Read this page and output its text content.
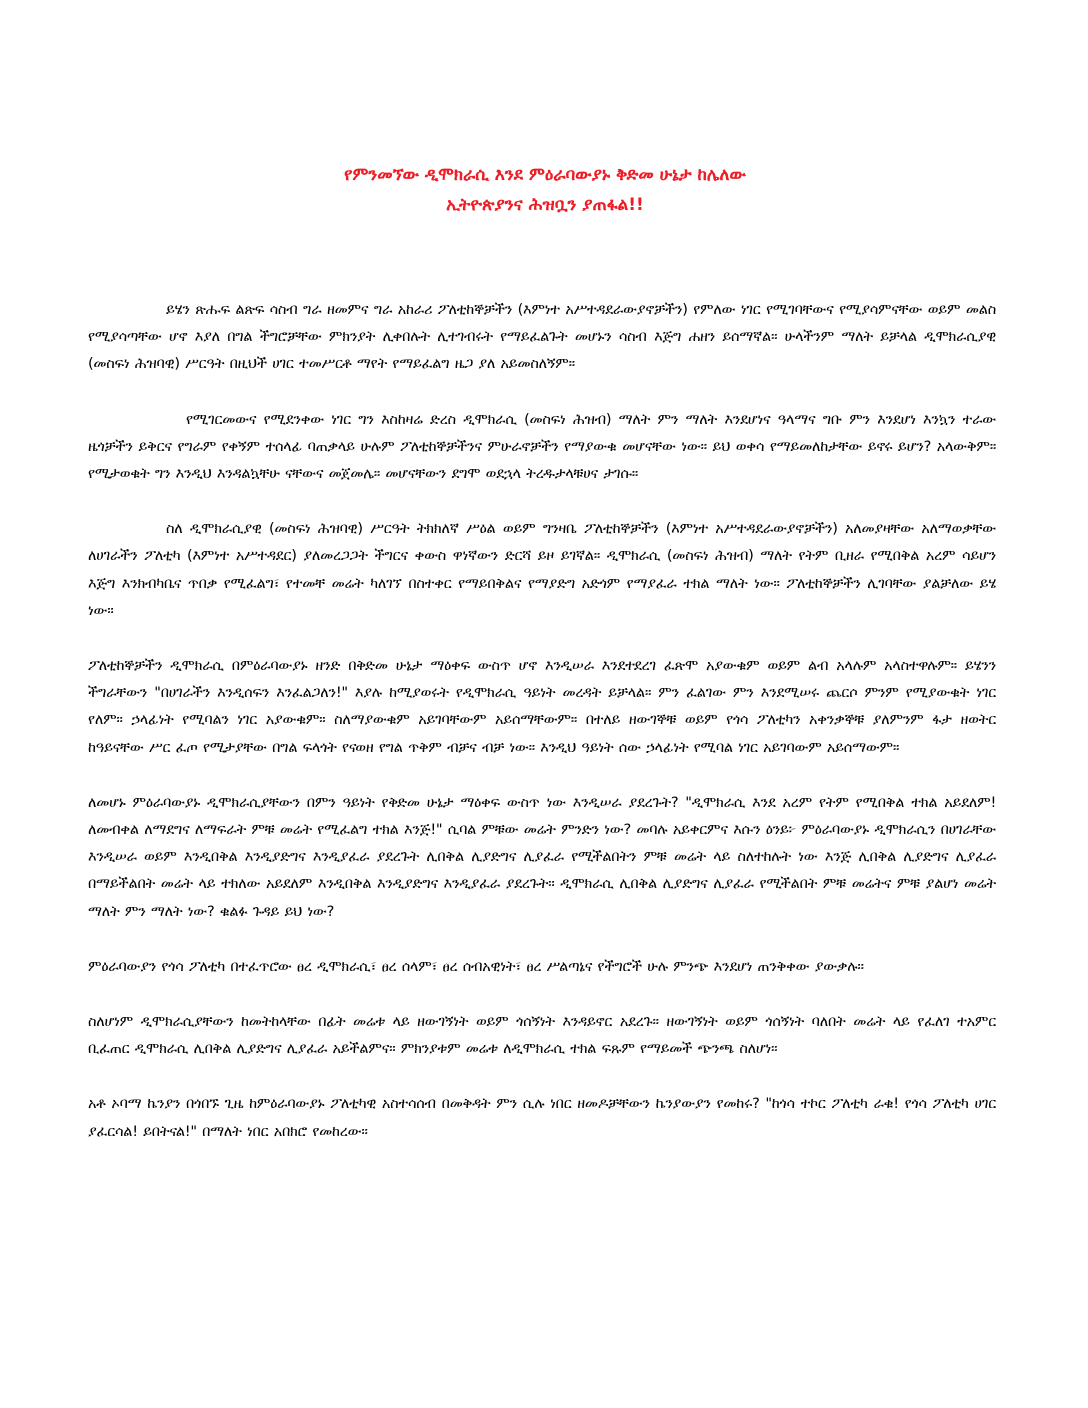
የምንመኘው ዲሞክራሲ እንደ ምዕራባውያኑ ቅድመ ሁኔታ ከሌለው
ኢትዮጵያንና ሕዝቧን ያጠፋል!!

ይሄን ጽሑፍ ልጽፍ ሳስብ ግራ ዘመምና ግራ አከራሪ ፖለቲከኞቻችን (እምነተ አሥተዳደራውያኖቻችን) የምለው ነገር የሚገባቸውና የሚያሳምናቸው ወይም መልስ የሚያሳጣቸው ሆኖ እያለ በግል ችግሮቻቸው ምክንያት ሊቀበሉት ሊተገብሩት የማይፈልጉት መሆኑን ሳስብ እጅግ ሐዘን ይሰማኛል፡፡ ሁላችንም ማለት ይቻላል ዲሞክራሲያዊ (መስፍነ ሕዝባዊ) ሥርዓት በዚህች ሀገር ተመሥርቶ ማየት የማይፈልግ ዜጋ ያለ አይመስለኝም፡፡

የሚገርመውና የሚደንቀው ነገር ግን እስከዛሬ ድረስ ዲሞክራሲ (መስፍነ ሕዝብ) ማለት ምን ማለት እንደሆነና ዓላማና ግቡ ምን እንደሆነ እንኳን ተራው ዜጎቻችን ይቅርና የግራም የቀኝም ተሰላፊ ባጠቃላይ ሁሉም ፖለቲከኞቻችንና ምሁራኖቻችን የማያውቁ መሆናቸው ነው፡፡ ይህ ወቀሳ የማይመለከታቸው ይኖሩ ይሆን? አላውቅም፡፡ የሚታወቁት ግን እንዲህ እንዳልኳቸሁ ናቸውና መጀመሌ፡፡ መሆናቸውን ደግሞ ወደኋላ ትረዱታላቹሀና ታገሱ፡፡

ስለ ዲሞክራሲያዊ (መስፍነ ሕዝባዊ) ሥርዓት ትክክለኛ ሥዕል ወይም ግንዛቤ ፖለቲከኞቻችን (እምነተ አሥተዳደራውያኖቻችን) አለመያዛቸው አለማወቃቸው ለሀገራችን ፖለቲካ (እምነተ አሥተዳደር) ያለመረጋጋት ችግርና ቀውስ ዋነኛውን ድርሻ ይዞ ይገኛል፡፡ ዲሞክራሲ (መስፍነ ሕዝብ) ማለት የትም ቢዘራ የሚበቅል አረም ሳይሆን እጅግ እንክብካቤና ጥበቃ የሚፈልግ፣ የተመቸ መሬት ካለገኘ በስተቀር የማይበቅልና የማያድግ አድጎም የማያፈራ ተክል ማለት ነው፡፡ ፖለቲከኞቻችን ሊገባቸው ያልቻለው ይሄ ነው፡፡

ፖለቲከኞቻችን ዲሞክራሲ በምዕራባውያኑ ዘንድ በቅድመ ሁኔታ ማዕቀፍ ውስጥ ሆኖ እንዲሠራ እንደተደረገ ፈጽሞ አያውቁም ወይም ልብ አላሉም አላስተዋሉም፡፡ ይሄንን ችግራቸውን "በሀገራችን እንዲሰፍን እንፈልጋለን!" እያሉ ከሚያወሩት የዲሞክራሲ ዓይነት መረዳት ይቻላል፡፡ ምን ፈልገው ምን እንደሚሠሩ ጨርሶ ምንም የሚያውቁት ነገር የለም፡፡ ኃላፊነት የሚባልን ነገር አያውቁም፡፡ ስለማያውቁም አይገባቸውም አይሰማቸውም፡፡ በተለይ ዘውገኞቹ ወይም የጎሳ ፖለቲካን አቀንቃኞቹ ያለምንም ፋታ ዘወትር ከዓይናቸው ሥር ፈጦ የሚታያቸው በግል ፍላጎት የናወዘ የግል ጥቅም ብቻና ብቻ ነው፡፡ እንዲህ ዓይነት ሰው ኃላፊነት የሚባል ነገር አይገባውም አይሰማውም፡፡

ለመሆኑ ምዕራባውያኑ ዲሞክራሲያቸውን በምን ዓይነት የቅድመ ሁኔታ ማዕቀፍ ውስጥ ነው እንዲሠራ ያደረጉት? "ዲሞክራሲ እንደ አረም የትም የሚበቅል ተክል አይደለም! ለመብቀል ለማደግና ለማፍራት ምቹ መሬት የሚፈልግ ተክል እንጅ!" ሲባል ምቹው መሬት ምንድን ነው? መባሉ አይቀርምና እሱን ዕንይ፦ ምዕራባውያኑ ዲሞክራሲን በሀገራቸው እንዲሠራ ወይም እንዲበቅል እንዲያድግና እንዲያፈራ ያደረጉት ሊበቅል ሊያድግና ሊያፈራ የሚችልበትን ምቹ መሬት ላይ ስለተከሉት ነው እንጅ ሊበቅል ሊያድግና ሊያፈራ በማይችልበት መሬት ላይ ተክለው አይደለም እንዲበቅል እንዲያድግና እንዲያፈራ ያደረጉት፡፡ ዲሞክራሲ ሊበቅል ሊያድግና ሊያፈራ የሚችልበት ምቹ መሬትና ምቹ ያልሆነ መሬት ማለት ምን ማለት ነው? ቁልፉ ጉዳይ ይህ ነው?

ምዕራባውያን የጎሳ ፖለቲካ በተፈጥሮው ፀረ ዲሞክራሲ፣ ፀረ ሰላም፣ ፀረ ሰብአዊነት፣ ፀረ ሥልጣኔና የችግሮች ሁሉ ምንጭ እንደሆነ ጠንቅቀው ያውቃሉ፡፡

ስለሆነም ዲሞክራሲያቸውን ከመትከላቸው በፊት መሬቱ ላይ ዘውገኝነት ወይም ጎሰኝነት እንዳይኖር አደረጉ፡፡ ዘውገኝነት ወይም ጎሰኝነት ባለበት መሬት ላይ የፈለገ ተአምር ቢፈጠር ዲሞክራሲ ሊበቅል ሊያድግና ሊያፈራ አይችልምና፡፡ ምክንያቱም መሬቱ ለዲሞክራሲ ተክል ፍጹም የማይመች ጭንጫ ስለሆነ፡፡

አቶ ኦባማ ኬንያን በጎበኙ ጊዜ ከምዕራባውያኑ ፖለቲካዊ አስተሳሰብ በመቅዳት ምን ሲሉ ነበር ዘመዶቻቸውን ኬንያውያን የመከሩ? "ከጎሳ ተኮር ፖለቲካ ራቁ! የጎሳ ፖለቲካ ሀገር ያፈርሳል! ይበትናል!" በማለት ነበር አበክሮ የመከረው፡፡
